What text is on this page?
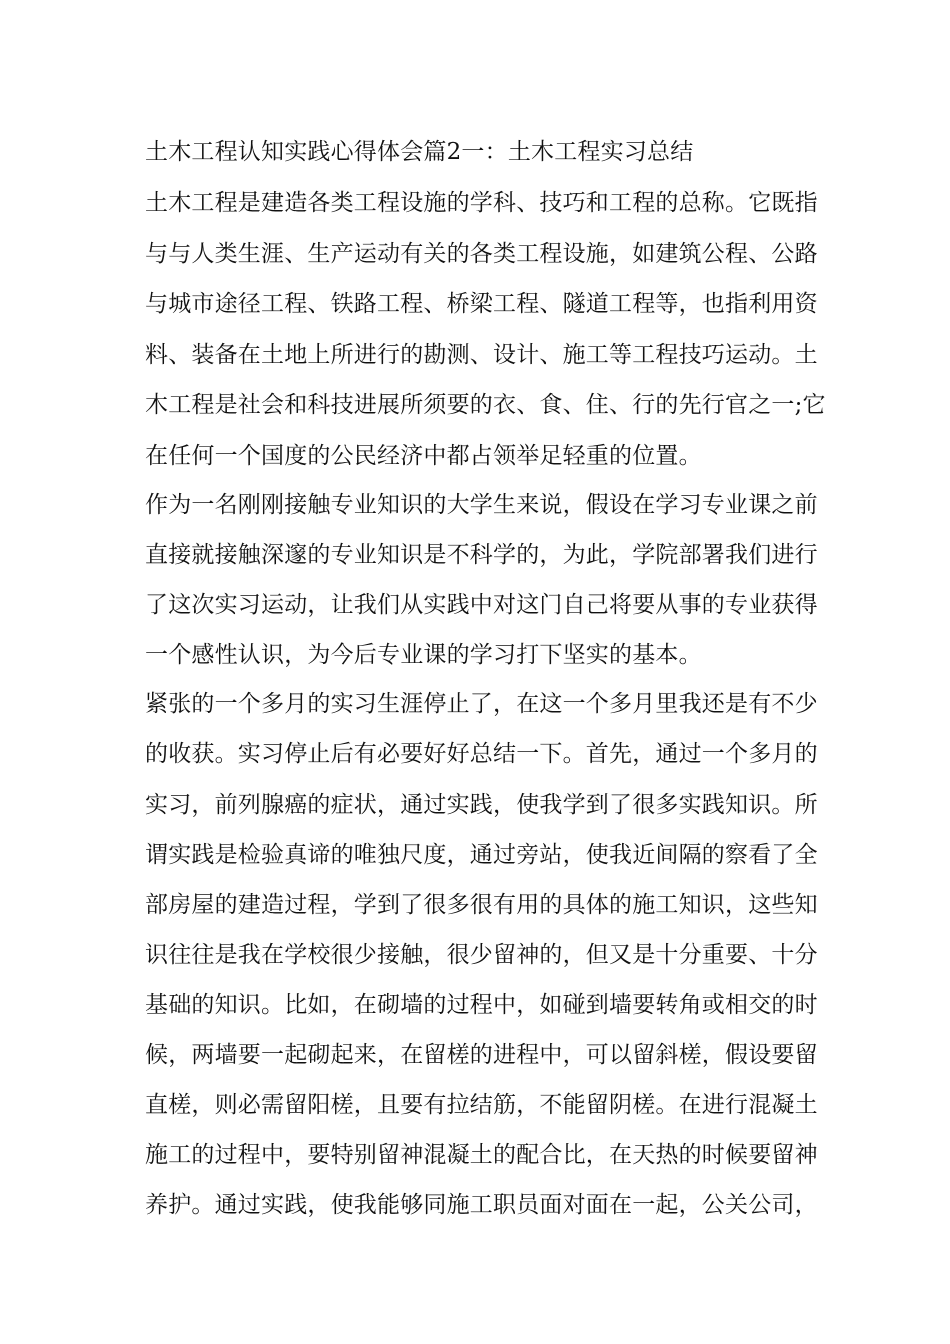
土木工程认知实践心得体会篇2一：土木工程实习总结
土木工程是建造各类工程设施的学科、技巧和工程的总称。它既指
与与人类生涯、生产运动有关的各类工程设施，如建筑公程、公路
与城市途径工程、铁路工程、桥梁工程、隧道工程等，也指利用资
料、装备在土地上所进行的勘测、设计、施工等工程技巧运动。土
木工程是社会和科技进展所须要的衣、食、住、行的先行官之一;它
在任何一个国度的公民经济中都占领举足轻重的位置。
作为一名刚刚接触专业知识的大学生来说，假设在学习专业课之前
直接就接触深邃的专业知识是不科学的，为此，学院部署我们进行
了这次实习运动，让我们从实践中对这门自己将要从事的专业获得
一个感性认识，为今后专业课的学习打下坚实的基本。
紧张的一个多月的实习生涯停止了，在这一个多月里我还是有不少
的收获。实习停止后有必要好好总结一下。首先，通过一个多月的
实习，前列腺癌的症状，通过实践，使我学到了很多实践知识。所
谓实践是检验真谛的唯独尺度，通过旁站，使我近间隔的察看了全
部房屋的建造过程，学到了很多很有用的具体的施工知识，这些知
识往往是我在学校很少接触，很少留神的，但又是十分重要、十分
基础的知识。比如，在砌墙的过程中，如碰到墙要转角或相交的时
候，两墙要一起砌起来，在留槎的进程中，可以留斜槎，假设要留
直槎，则必需留阳槎，且要有拉结筋，不能留阴槎。在进行混凝土
施工的过程中，要特别留神混凝土的配合比，在天热的时候要留神
养护。通过实践，使我能够同施工职员面对面在一起，公关公司，
